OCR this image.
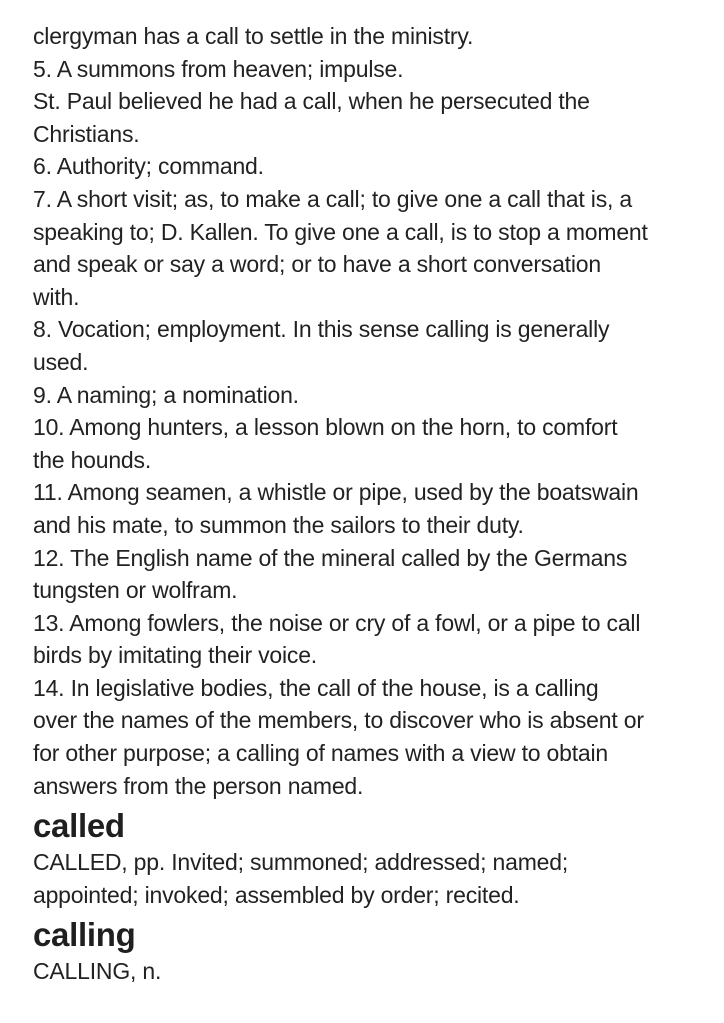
clergyman has a call to settle in the ministry.

5. A summons from heaven; impulse.

St. Paul believed he had a call, when he persecuted the

Christians.

6. Authority; command.

7. A short visit; as, to make a call; to give one a call that is, a

speaking to; D. Kallen. To give one a call, is to stop a moment

and speak or say a word; or to have a short conversation

with.

8. Vocation; employment. In this sense calling is generally

used.

9. A naming; a nomination.

10. Among hunters, a lesson blown on the horn, to comfort

the hounds.

11. Among seamen, a whistle or pipe, used by the boatswain

and his mate, to summon the sailors to their duty.

12. The English name of the mineral called by the Germans

tungsten or wolfram.

13. Among fowlers, the noise or cry of a fowl, or a pipe to call

birds by imitating their voice.

14. In legislative bodies, the call of the house, is a calling

over the names of the members, to discover who is absent or

for other purpose; a calling of names with a view to obtain

answers from the person named.

called

CALLED, pp. Invited; summoned; addressed; named;

appointed; invoked; assembled by order; recited.

calling

CALLING, n.
